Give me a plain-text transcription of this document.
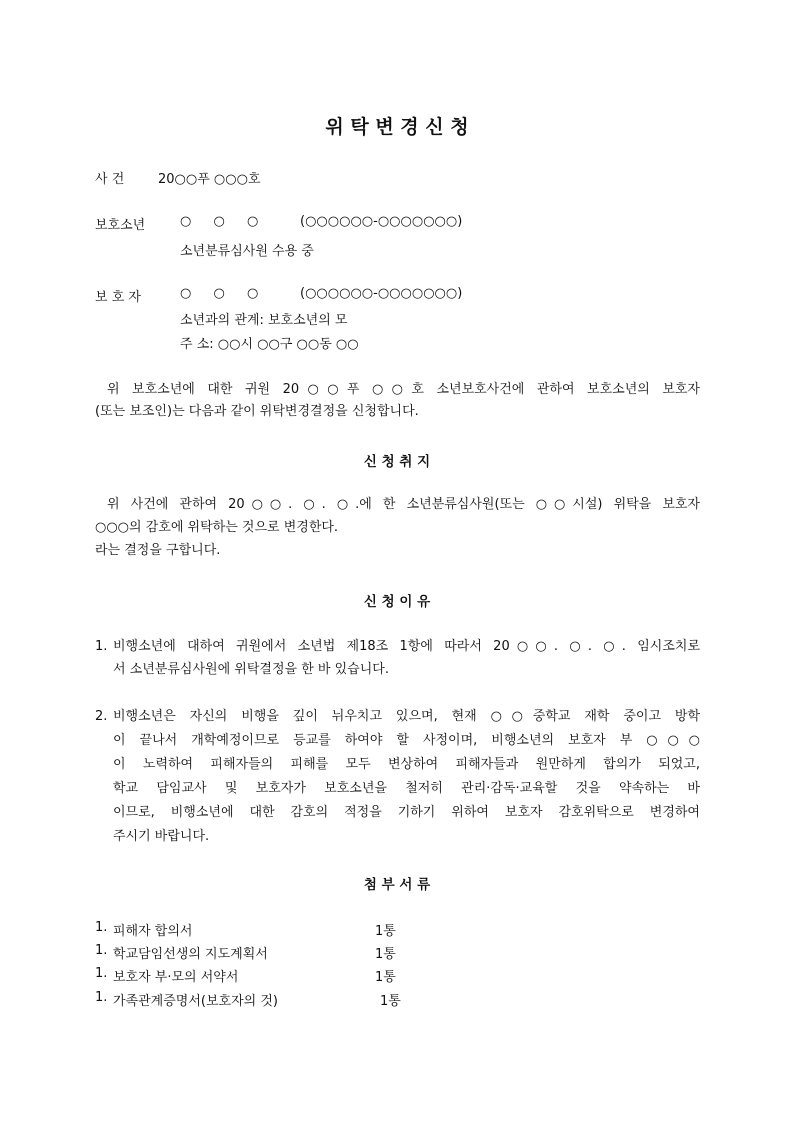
위 탁 변 경 신 청
사 건	20○○푸 ○○○호
보호소년	○ ○ ○	(○○○○○○-○○○○○○○)
소년분류심사원 수용 중
보 호 자	○ ○ ○	(○○○○○○-○○○○○○○)
소년과의 관계: 보호소년의 모
주 소: ○○시 ○○구 ○○동 ○○
위 보호소년에 대한 귀원 20○○푸 ○○호 소년보호사건에 관하여 보호소년의 보호자
(또는 보조인)는 다음과 같이 위탁변경결정을 신청합니다.
신 청 취 지
위 사건에 관하여 20○○. ○. ○.에 한 소년분류심사원(또는 ○○시설) 위탁을 보호자
○○○의 감호에 위탁하는 것으로 변경한다.
라는 결정을 구합니다.
신 청 이 유
1. 비행소년에 대하여 귀원에서 소년법 제18조 1항에 따라서 20○○. ○. ○. 임시조치로
서 소년분류심사원에 위탁결정을 한 바 있습니다.
2. 비행소년은 자신의 비행을 깊이 뉘우치고 있으며, 현재 ○○중학교 재학 중이고 방학
이 끝나서 개학예정이므로 등교를 하여야 할 사정이며, 비행소년의 보호자 부 ○○○
이 노력하여 피해자들의 피해를 모두 변상하여 피해자들과 원만하게 합의가 되었고,
학교 담임교사 및 보호자가 보호소년을 철저히 관리·감독·교육할 것을 약속하는 바
이므로, 비행소년에 대한 감호의 적정을 기하기 위하여 보호자 감호위탁으로 변경하여
주시기 바랍니다.
첨 부 서 류
1. 피해자 합의서	1통
1. 학교담임선생의 지도계획서	1통
1. 보호자 부·모의 서약서	1통
1. 가족관계증명서(보호자의 것)	1통
